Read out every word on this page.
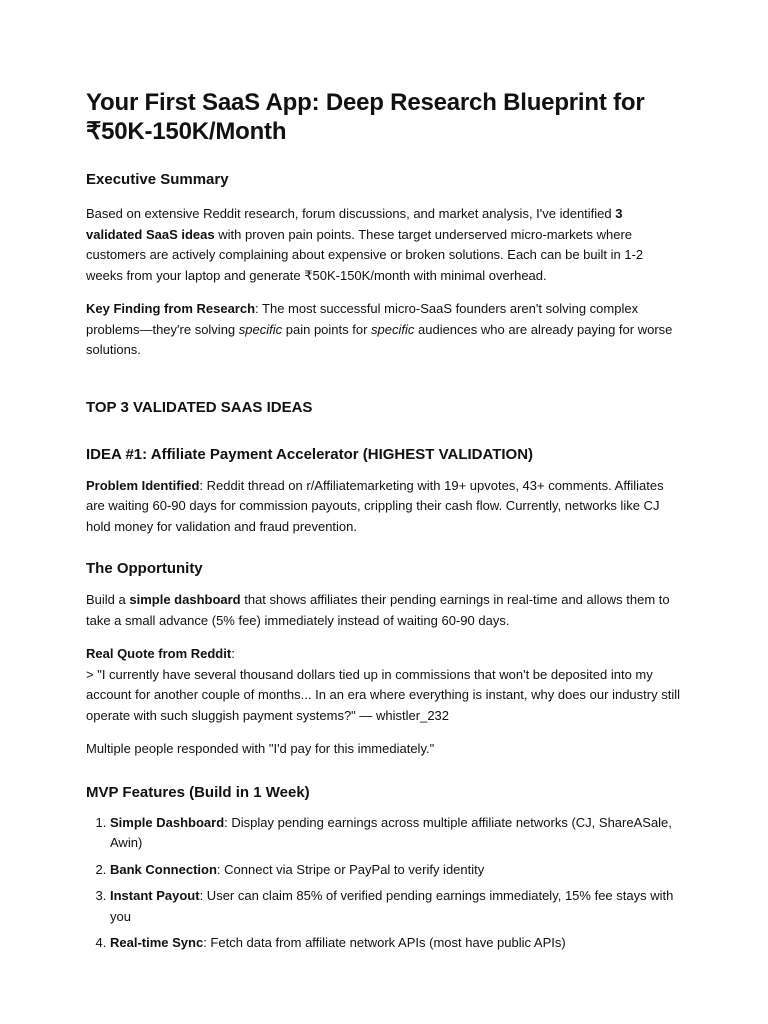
Your First SaaS App: Deep Research Blueprint for ₹50K-150K/Month
Executive Summary

Based on extensive Reddit research, forum discussions, and market analysis, I've identified 3 validated SaaS ideas with proven pain points. These target underserved micro-markets where customers are actively complaining about expensive or broken solutions. Each can be built in 1-2 weeks from your laptop and generate ₹50K-150K/month with minimal overhead.

Key Finding from Research: The most successful micro-SaaS founders aren't solving complex problems—they're solving specific pain points for specific audiences who are already paying for worse solutions.

TOP 3 VALIDATED SAAS IDEAS
IDEA #1: Affiliate Payment Accelerator (HIGHEST VALIDATION)

Problem Identified: Reddit thread on r/Affiliatemarketing with 19+ upvotes, 43+ comments. Affiliates are waiting 60-90 days for commission payouts, crippling their cash flow. Currently, networks like CJ hold money for validation and fraud prevention.

The Opportunity

Build a simple dashboard that shows affiliates their pending earnings in real-time and allows them to take a small advance (5% fee) immediately instead of waiting 60-90 days.

Real Quote from Reddit:
> "I currently have several thousand dollars tied up in commissions that won't be deposited into my account for another couple of months... In an era where everything is instant, why does our industry still operate with such sluggish payment systems?" — whistler_232

Multiple people responded with "I'd pay for this immediately."

MVP Features (Build in 1 Week)
1. Simple Dashboard: Display pending earnings across multiple affiliate networks (CJ, ShareASale, Awin)
2. Bank Connection: Connect via Stripe or PayPal to verify identity
3. Instant Payout: User can claim 85% of verified pending earnings immediately, 15% fee stays with you
4. Real-time Sync: Fetch data from affiliate network APIs (most have public APIs)
